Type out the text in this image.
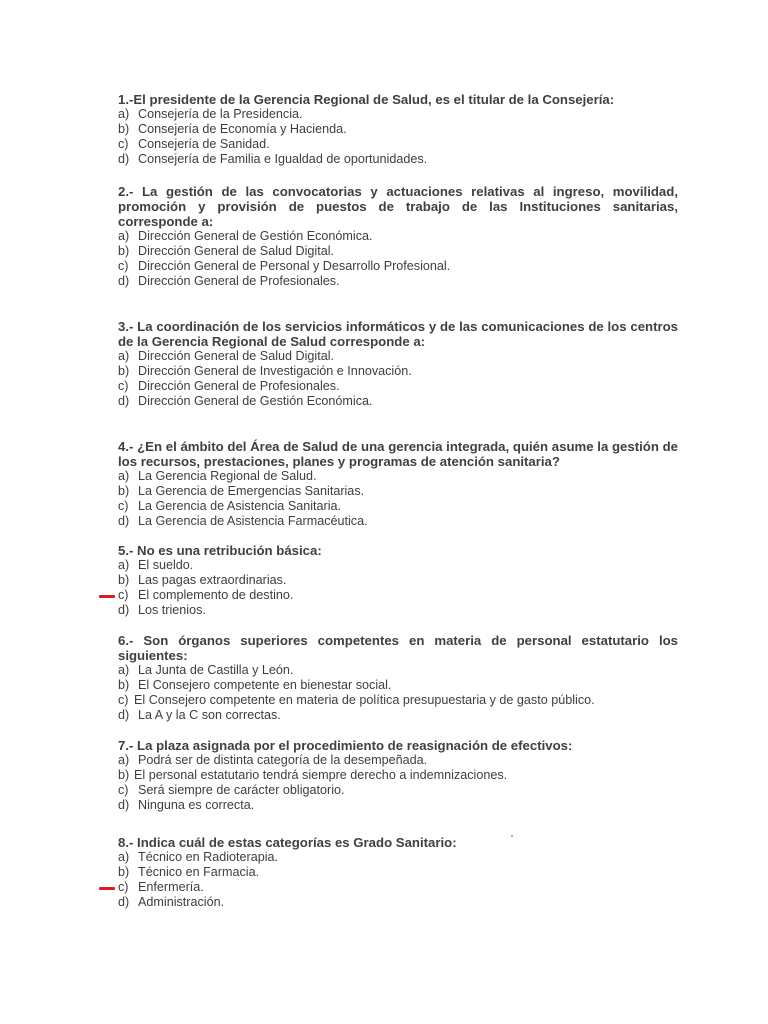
1.-El presidente de la Gerencia Regional de Salud, es el titular de la Consejería:

a) Consejería de la Presidencia.
b) Consejería de Economía y Hacienda.
c) Consejería de Sanidad.
d) Consejería de Familia e Igualdad de oportunidades.

2.- La gestión de las convocatorias y actuaciones relativas al ingreso, movilidad, promoción y provisión de puestos de trabajo de las Instituciones sanitarias, corresponde a:

a) Dirección General de Gestión Económica.
b) Dirección General de Salud Digital.
c) Dirección General de Personal y Desarrollo Profesional.
d) Dirección General de Profesionales.

3.- La coordinación de los servicios informáticos y de las comunicaciones de los centros de la Gerencia Regional de Salud corresponde a:

a) Dirección General de Salud Digital.
b) Dirección General de Investigación e Innovación.
c) Dirección General de Profesionales.
d) Dirección General de Gestión Económica.

4.- ¿En el ámbito del Área de Salud de una gerencia integrada, quién asume la gestión de los recursos, prestaciones, planes y programas de atención sanitaria?

a) La Gerencia Regional de Salud.
b) La Gerencia de Emergencias Sanitarias.
c) La Gerencia de Asistencia Sanitaria.
d) La Gerencia de Asistencia Farmacéutica.

5.- No es una retribución básica:

a) El sueldo.
b) Las pagas extraordinarias.
c) El complemento de destino.
d) Los trienios.

6.- Son órganos superiores competentes en materia de personal estatutario los siguientes:

a) La Junta de Castilla y León.
b) El Consejero competente en bienestar social.
c) El Consejero competente en materia de política presupuestaria y de gasto público.
d) La A y la C son correctas.

7.- La plaza asignada por el procedimiento de reasignación de efectivos:

a) Podrá ser de distinta categoría de la desempeñada.
b) El personal estatutario tendrá siempre derecho a indemnizaciones.
c) Será siempre de carácter obligatorio.
d) Ninguna es correcta.

8.- Indica cuál de estas categorías es Grado Sanitario:

a) Técnico en Radioterapia.
b) Técnico en Farmacia.
c) Enfermería.
d) Administración.
